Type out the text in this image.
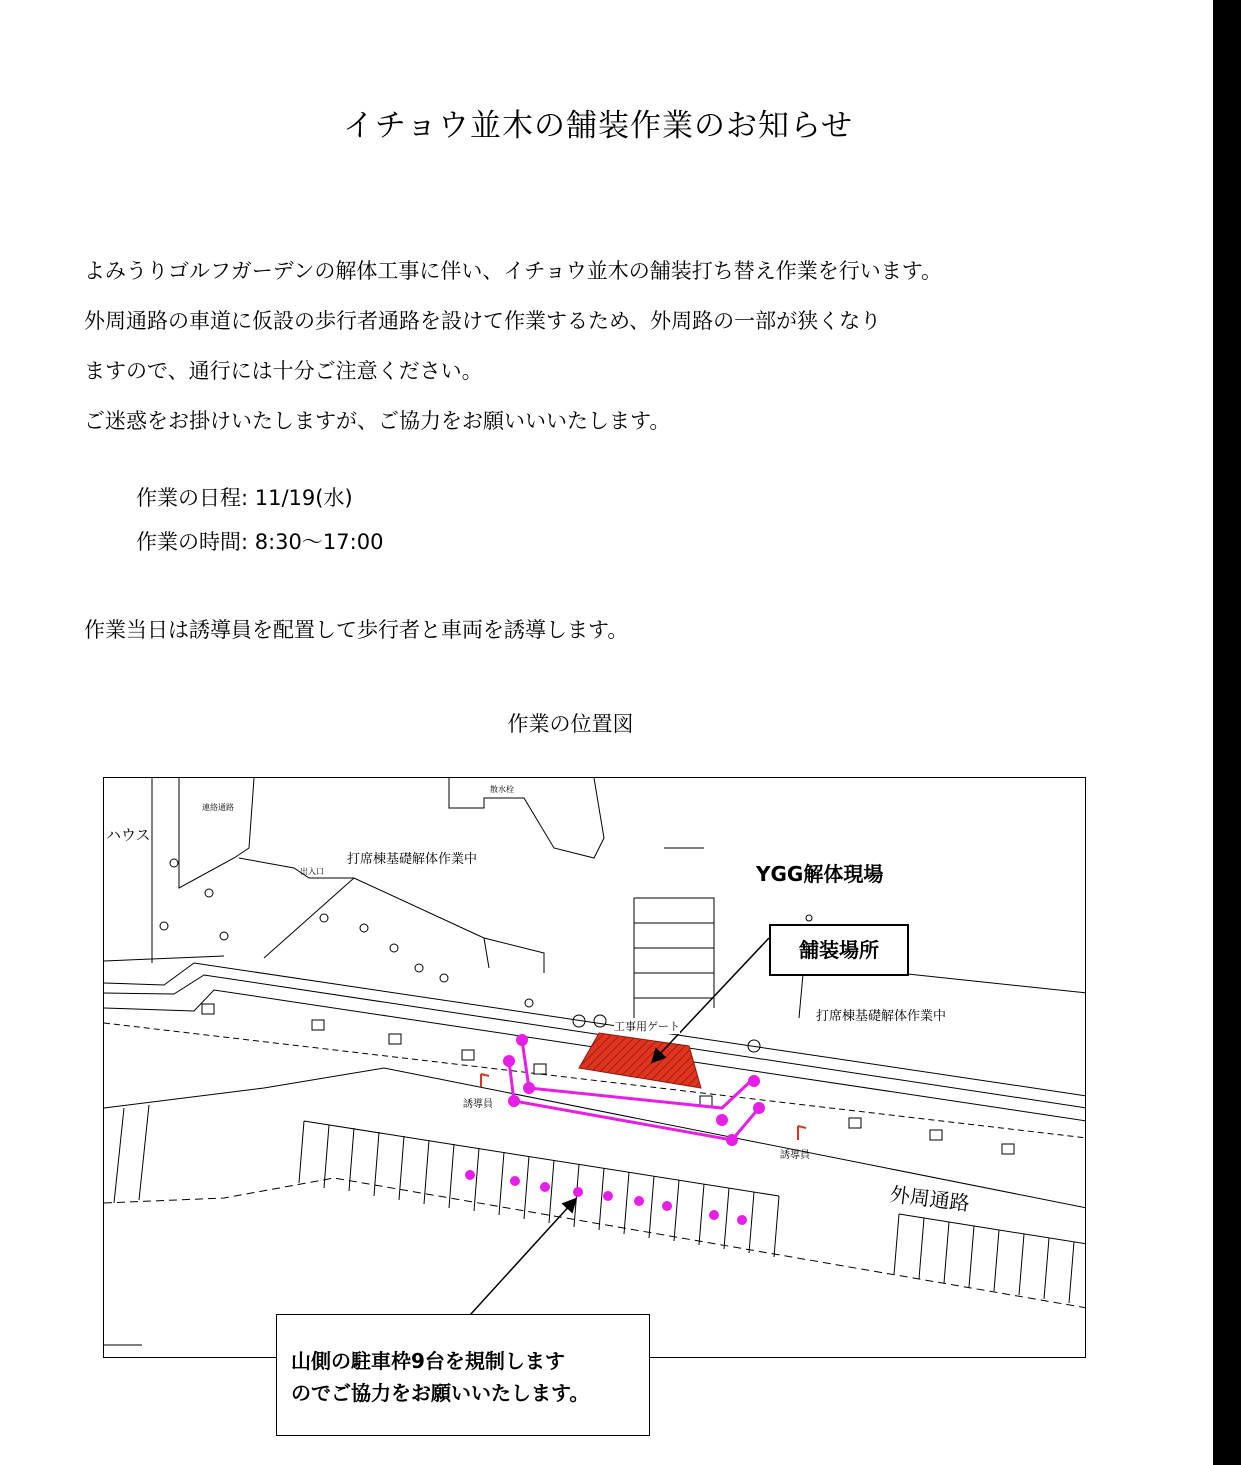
イチョウ並木の舗装作業のお知らせ
よみうりゴルフガーデンの解体工事に伴い、イチョウ並木の舗装打ち替え作業を行います。
外周通路の車道に仮設の歩行者通路を設けて作業するため、外周路の一部が狭くなり
ますので、通行には十分ご注意ください。
ご迷惑をお掛けいたしますが、ご協力をお願いいいたします。
作業の日程: 11/19(水)
作業の時間: 8:30〜17:00
作業当日は誘導員を配置して歩行者と車両を誘導します。
作業の位置図
ハウス
連絡通路
出入口
散水栓
打席棟基礎解体作業中
YGG解体現場
舗装場所
打席棟基礎解体作業中
工事用ゲート
誘導員
誘導員
外周通路
山側の駐車枠9台を規制します
のでご協力をお願いいたします。
